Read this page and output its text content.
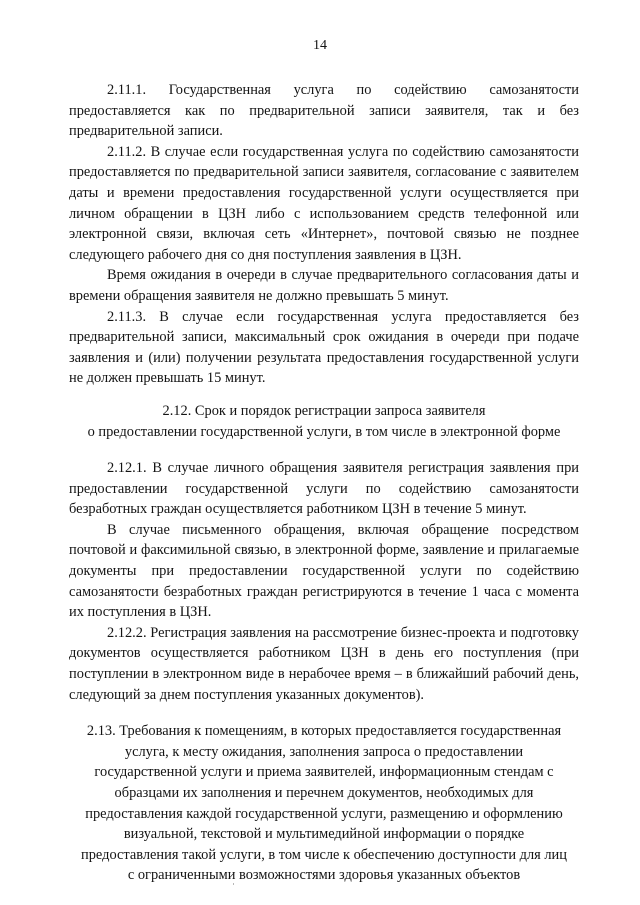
14

2.11.1. Государственная услуга по содействию самозанятости предоставляется как по предварительной записи заявителя, так и без предварительной записи.

2.11.2. В случае если государственная услуга по содействию самозанятости предоставляется по предварительной записи заявителя, согласование с заявителем даты и времени предоставления государственной услуги осуществляется при личном обращении в ЦЗН либо с использованием средств телефонной или электронной связи, включая сеть «Интернет», почтовой связью не позднее следующего рабочего дня со дня поступления заявления в ЦЗН.

Время ожидания в очереди в случае предварительного согласования даты и времени обращения заявителя не должно превышать 5 минут.

2.11.3. В случае если государственная услуга предоставляется без предварительной записи, максимальный срок ожидания в очереди при подаче заявления и (или) получении результата предоставления государственной услуги не должен превышать 15 минут.

2.12. Срок и порядок регистрации запроса заявителя
о предоставлении государственной услуги, в том числе в электронной форме

2.12.1. В случае личного обращения заявителя регистрация заявления при предоставлении государственной услуги по содействию самозанятости безработных граждан осуществляется работником ЦЗН в течение 5 минут.

В случае письменного обращения, включая обращение посредством почтовой и факсимильной связью, в электронной форме, заявление и прилагаемые документы при предоставлении государственной услуги по содействию самозанятости безработных граждан регистрируются в течение 1 часа с момента их поступления в ЦЗН.

2.12.2. Регистрация заявления на рассмотрение бизнес-проекта и подготовку документов осуществляется работником ЦЗН в день его поступления (при поступлении в электронном виде в нерабочее время – в ближайший рабочий день, следующий за днем поступления указанных документов).

2.13. Требования к помещениям, в которых предоставляется государственная
услуга, к месту ожидания, заполнения запроса о предоставлении
государственной услуги и приема заявителей, информационным стендам с
образцами их заполнения и перечнем документов, необходимых для
предоставления каждой государственной услуги, размещению и оформлению
визуальной, текстовой и мультимедийной информации о порядке
предоставления такой услуги, в том числе к обеспечению доступности для лиц
с ограниченными возможностями здоровья указанных объектов
